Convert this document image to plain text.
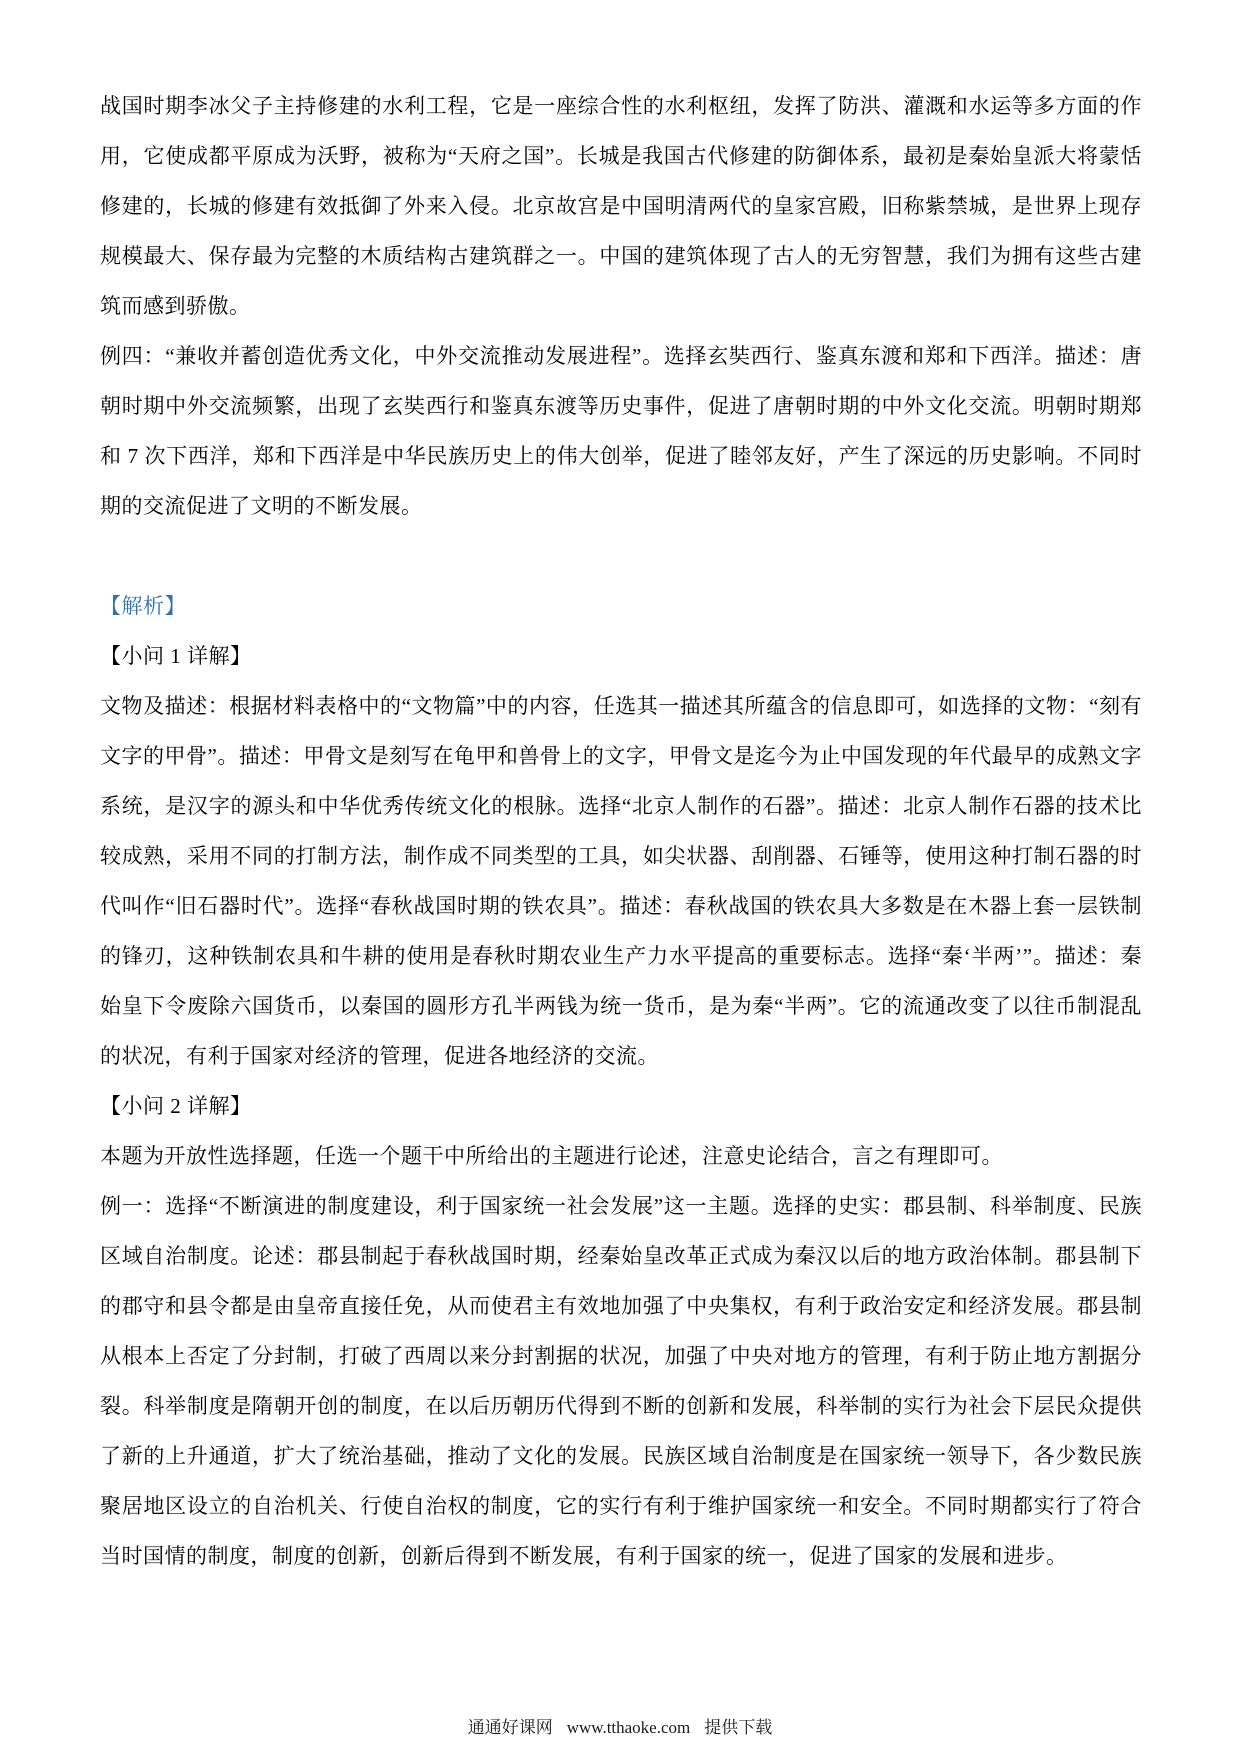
战国时期李冰父子主持修建的水利工程，它是一座综合性的水利枢纽，发挥了防洪、灌溉和水运等多方面的作用，它使成都平原成为沃野，被称为“天府之国”。长城是我国古代修建的防御体系，最初是秦始皇派大将蒙恬修建的，长城的修建有效抵御了外来入侵。北京故宫是中国明清两代的皇家宫殿，旧称紫禁城，是世界上现存规模最大、保存最为完整的木质结构古建筑群之一。中国的建筑体现了古人的无穷智慧，我们为拥有这些古建筑而感到骄傲。

例四：“兼收并蓄创造优秀文化，中外交流推动发展进程”。选择玄奘西行、鉴真东渡和郑和下西洋。描述：唐朝时期中外交流频繁，出现了玄奘西行和鉴真东渡等历史事件，促进了唐朝时期的中外文化交流。明朝时期郑和 7 次下西洋，郑和下西洋是中华民族历史上的伟大创举，促进了睦邻友好，产生了深远的历史影响。不同时期的交流促进了文明的不断发展。

【解析】

【小问 1 详解】

文物及描述：根据材料表格中的“文物篇”中的内容，任选其一描述其所蕴含的信息即可，如选择的文物：“刻有文字的甲骨”。描述：甲骨文是刻写在龟甲和兽骨上的文字，甲骨文是迄今为止中国发现的年代最早的成熟文字系统，是汉字的源头和中华优秀传统文化的根脉。选择“北京人制作的石器”。描述：北京人制作石器的技术比较成熟，采用不同的打制方法，制作成不同类型的工具，如尖状器、刮削器、石锤等，使用这种打制石器的时代叫作“旧石器时代”。选择“春秋战国时期的铁农具”。描述：春秋战国的铁农具大多数是在木器上套一层铁制的锋刃，这种铁制农具和牛耕的使用是春秋时期农业生产力水平提高的重要标志。选择“秦‘半两’”。描述：秦始皇下令废除六国货币，以秦国的圆形方孔半两钱为统一货币，是为秦“半两”。它的流通改变了以往币制混乱的状况，有利于国家对经济的管理，促进各地经济的交流。

【小问 2 详解】

本题为开放性选择题，任选一个题干中所给出的主题进行论述，注意史论结合，言之有理即可。

例一：选择“不断演进的制度建设，利于国家统一社会发展”这一主题。选择的史实：郡县制、科举制度、民族区域自治制度。论述：郡县制起于春秋战国时期，经秦始皇改革正式成为秦汉以后的地方政治体制。郡县制下的郡守和县令都是由皇帝直接任免，从而使君主有效地加强了中央集权，有利于政治安定和经济发展。郡县制从根本上否定了分封制，打破了西周以来分封割据的状况，加强了中央对地方的管理，有利于防止地方割据分裂。科举制度是隋朝开创的制度，在以后历朝历代得到不断的创新和发展，科举制的实行为社会下层民众提供了新的上升通道，扩大了统治基础，推动了文化的发展。民族区域自治制度是在国家统一领导下，各少数民族聚居地区设立的自治机关、行使自治权的制度，它的实行有利于维护国家统一和安全。不同时期都实行了符合当时国情的制度，制度的创新，创新后得到不断发展，有利于国家的统一，促进了国家的发展和进步。

通通好课网 www.tthaoke.com 提供下载
